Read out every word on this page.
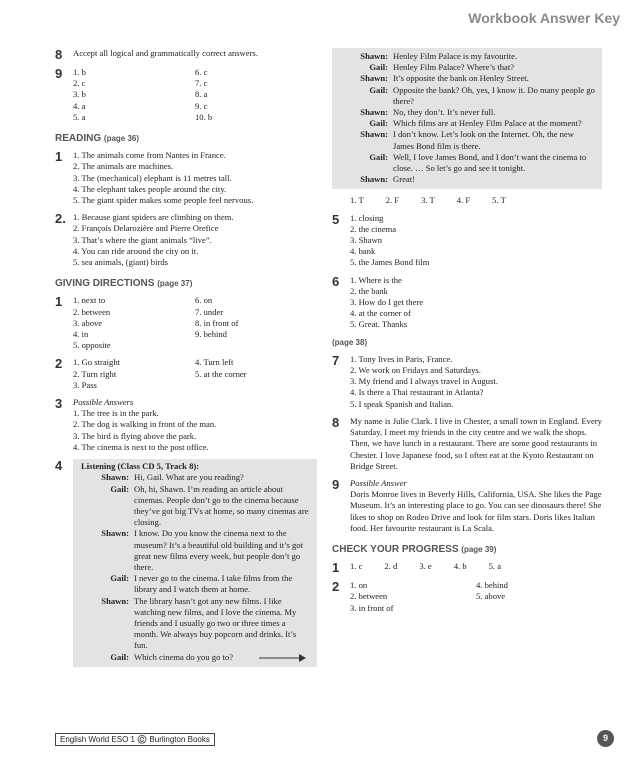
Workbook Answer Key
8	Accept all logical and grammatically correct answers.
9	1. b
2. c
3. b
4. a
5. a
6. c
7. c
8. a
9. c
10. b
READING (page 36)
1	1. The animals come from Nantes in France.
2. The animals are machines.
3. The (mechanical) elephant is 11 metres tall.
4. The elephant takes people around the city.
5. The giant spider makes some people feel nervous.
2. 1. Because giant spiders are climbing on them.
2. François Delarozière and Pierre Orefice
3. That’s where the giant animals “live”.
4. You can ride around the city on it.
5. sea animals, (giant) birds
GIVING DIRECTIONS (page 37)
1	1. next to
2. between
3. above
4. in
5. opposite
6. on
7. under
8. in front of
9. behind
2	1. Go straight
2. Turn right
3. Pass
4. Turn left
5. at the corner
3	Possible Answers
1. The tree is in the park.
2. The dog is walking in front of the man.
3. The bird is flying above the park.
4. The cinema is next to the post office.
4	Listening (Class CD 5, Track 8):
Shawn: Hi, Gail. What are you reading?
Gail: Oh, hi, Shawn. I’m reading an article about cinemas. People don’t go to the cinema because they’ve got big TVs at home, so many cinemas are closing.
Shawn: I know. Do you know the cinema next to the museum? It’s a beautiful old building and it’s got great new films every week, but people don’t go there.
Gail: I never go to the cinema. I take films from the library and I watch them at home.
Shawn: The library hasn’t got any new films. I like watching new films, and I love the cinema. My friends and I usually go two or three times a month. We always buy popcorn and drinks. It’s fun.
Gail: Which cinema do you go to?
Shawn: Henley Film Palace is my favourite.
Gail: Henley Film Palace? Where’s that?
Shawn: It’s opposite the bank on Henley Street.
Gail: Opposite the bank? Oh, yes, I know it. Do many people go there?
Shawn: No, they don’t. It’s never full.
Gail: Which films are at Henley Film Palace at the moment?
Shawn: I don’t know. Let’s look on the Internet. Oh, the new James Bond film is there.
Gail: Well, I love James Bond, and I don’t want the cinema to close. … So let’s go and see it tonight.
Shawn: Great!
1. T	2. F	3. T	4. F	5. T
5	1. closing
2. the cinema
3. Shawn
4. bank
5. the James Bond film
6	1. Where is the
2. the bank
3. How do I get there
4. at the corner of
5. Great. Thanks
(page 38)
7	1. Tony lives in Paris, France.
2. We work on Fridays and Saturdays.
3. My friend and I always travel in August.
4. Is there a Thai restaurant in Atlanta?
5. I speak Spanish and Italian.
8	My name is Julie Clark. I live in Chester, a small town in England. Every Saturday, I meet my friends in the city centre and we walk the shops. Then, we have lunch in a restaurant. There are some good restaurants in Chester. I love Japanese food, so I often eat at the Kyoto Restaurant on Bridge Street.
9	Possible Answer
Doris Monroe lives in Beverly Hills, California, USA. She likes the Page Museum. It’s an interesting place to go. You can see dinosaurs there! She likes to shop on Rodeo Drive and look for film stars. Doris likes Italian food. Her favourite restaurant is La Scala.
CHECK YOUR PROGRESS (page 39)
1	1. c	2. d	3. e	4. b	5. a
2	1. on
2. between
3. in front of
4. behind
5. above
English World ESO 1 ©️ Burlington Books	9
